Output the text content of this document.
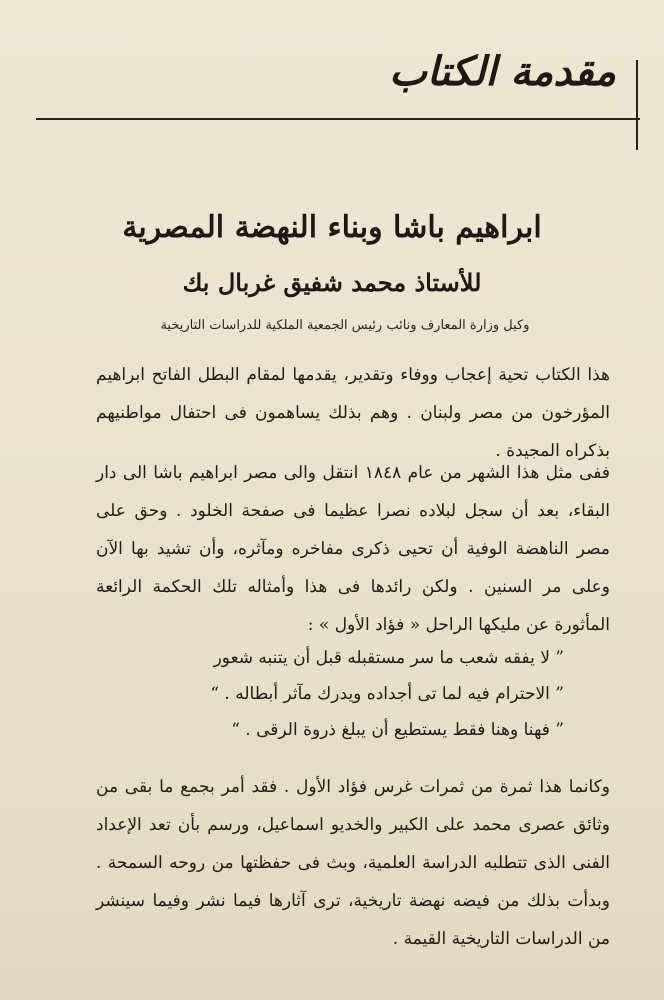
مقدمة الكتاب
ابراهيم باشا وبناء النهضة المصرية
للأستاذ محمد شفيق غربال بك
وكيل وزارة المعارف ونائب رئيس الجمعية الملكية للدراسات التاريخية
هذا الكتاب تحية إعجاب ووفاء وتقدير، يقدمها لمقام البطل الفاتح ابراهيم المؤرخون من مصر ولبنان . وهم بذلك يساهمون فى احتفال مواطنيهم بذكراه المجيدة .
ففى مثل هذا الشهر من عام ١٨٤٨ انتقل والى مصر ابراهيم باشا الى دار البقاء، بعد أن سجل لبلاده نصرا عظيما فى صفحة الخلود . وحق على مصر الناهضة الوفية أن تحيى ذكرى مفاخره ومآثره، وأن تشيد بها الآن وعلى مر السنين . ولكن رائدها فى هذا وأمثاله تلك الحكمة الرائعة المأثورة عن مليكها الراحل « فؤاد الأول » :
” لا يفقه شعب ما سر مستقبله قبل أن يتنبه شعور
” الاحترام فيه لما تى أجداده ويدرك مآثر أبطاله . “
” فهنا وهنا فقط يستطيع أن يبلغ ذروة الرقى . “
وكانما هذا ثمرة من ثمرات غرس فؤاد الأول . فقد أمر بجمع ما بقى من وثائق عصرى محمد على الكبير والخديو اسماعيل، ورسم بأن تعد الإعداد الفنى الذى تتطلبه الدراسة العلمية، وبث فى حفظتها من روحه السمحة . وبدأت بذلك من فيضه نهضة تاريخية، ترى آثارها فيما نشر وفيما سينشر من الدراسات التاريخية القيمة .
